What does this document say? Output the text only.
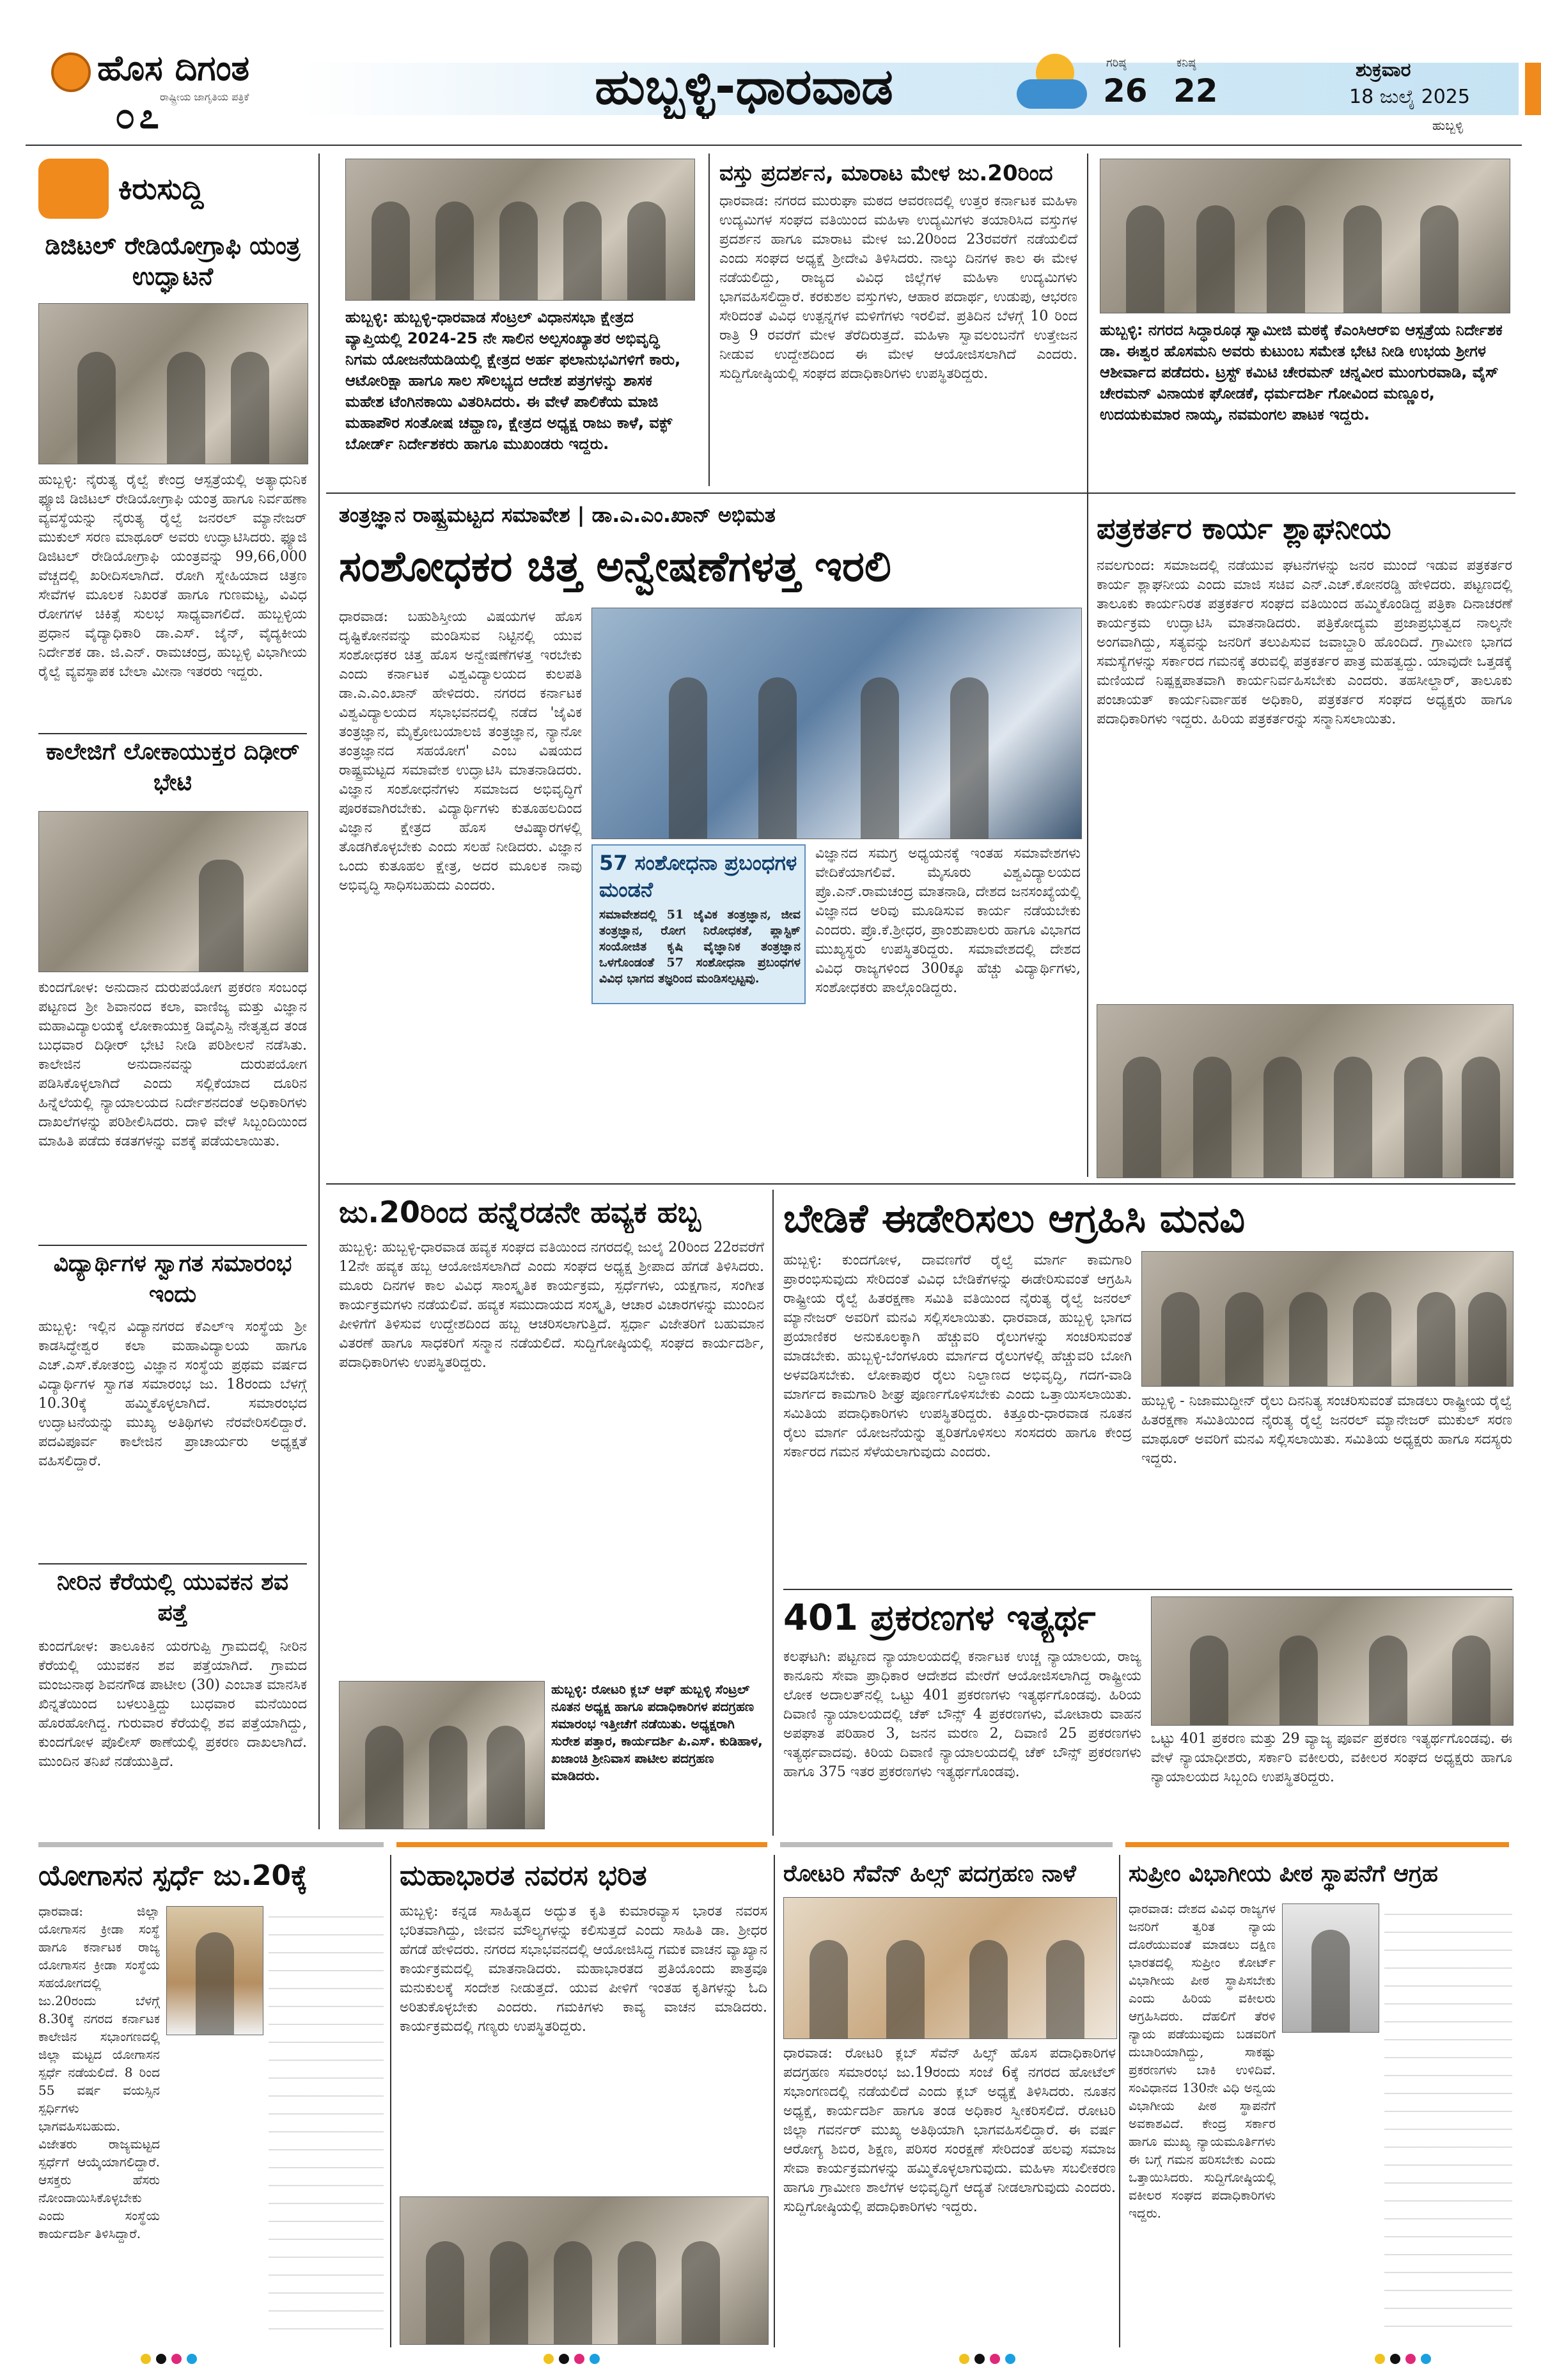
ಹೊಸ ದಿಗಂತ
ರಾಷ್ಟ್ರೀಯ ಜಾಗೃತಿಯ ಪತ್ರಿಕೆ
೦೭
ಹುಬ್ಬಳ್ಳಿ-ಧಾರವಾಡ	ಗರಿಷ್ಠ
26
ಕನಿಷ್ಠ
22
ಶುಕ್ರವಾರ
18 ಜುಲೈ 2025
ಹುಬ್ಬಳ್ಳಿ
ಕಿರುಸುದ್ದಿ
ಡಿಜಿಟಲ್ ರೇಡಿಯೋಗ್ರಾಫಿ ಯಂತ್ರ ಉದ್ಘಾಟನೆ
ಹುಬ್ಬಳ್ಳಿ: ನೈರುತ್ಯ ರೈಲ್ವೆ ಕೇಂದ್ರ ಆಸ್ಪತ್ರೆಯಲ್ಲಿ ಅತ್ಯಾಧುನಿಕ ಫ್ಯೂಜಿ ಡಿಜಿಟಲ್ ರೇಡಿಯೋಗ್ರಾಫಿ ಯಂತ್ರ ಹಾಗೂ ನಿರ್ವಹಣಾ ವ್ಯವಸ್ಥೆಯನ್ನು ನೈರುತ್ಯ ರೈಲ್ವೆ ಜನರಲ್ ಮ್ಯಾನೇಜರ್ ಮುಕುಲ್ ಸರಣ ಮಾಥೂರ್ ಅವರು ಉದ್ಘಾಟಿಸಿದರು. ಫ್ಯೂಜಿ ಡಿಜಿಟಲ್ ರೇಡಿಯೋಗ್ರಾಫಿ ಯಂತ್ರವನ್ನು 99,66,000 ವೆಚ್ಚದಲ್ಲಿ ಖರೀದಿಸಲಾಗಿದೆ. ರೋಗಿ ಸ್ನೇಹಿಯಾದ ಚಿತ್ರಣ ಸೇವೆಗಳ ಮೂಲಕ ನಿಖರತೆ ಹಾಗೂ ಗುಣಮಟ್ಟ, ವಿವಿಧ ರೋಗಗಳ ಚಿಕಿತ್ಸೆ ಸುಲಭ ಸಾಧ್ಯವಾಗಲಿದೆ. ಹುಬ್ಬಳ್ಳಿಯ ಪ್ರಧಾನ ವೈದ್ಯಾಧಿಕಾರಿ ಡಾ.ಎಸ್. ಜೈನ್, ವೈದ್ಯಕೀಯ ನಿರ್ದೇಶಕ ಡಾ. ಜಿ.ಎನ್. ರಾಮಚಂದ್ರ, ಹುಬ್ಬಳ್ಳಿ ವಿಭಾಗೀಯ ರೈಲ್ವೆ ವ್ಯವಸ್ಥಾಪಕ ಬೇಲಾ ಮೀನಾ ಇತರರು ಇದ್ದರು.
ಕಾಲೇಜಿಗೆ ಲೋಕಾಯುಕ್ತರ ದಿಢೀರ್ ಭೇಟಿ
ಕುಂದಗೋಳ: ಅನುದಾನ ದುರುಪಯೋಗ ಪ್ರಕರಣ ಸಂಬಂಧ ಪಟ್ಟಣದ ಶ್ರೀ ಶಿವಾನಂದ ಕಲಾ, ವಾಣಿಜ್ಯ ಮತ್ತು ವಿಜ್ಞಾನ ಮಹಾವಿದ್ಯಾಲಯಕ್ಕೆ ಲೋಕಾಯುಕ್ತ ಡಿವೈಎಸ್ಪಿ ನೇತೃತ್ವದ ತಂಡ ಬುಧವಾರ ದಿಢೀರ್ ಭೇಟಿ ನೀಡಿ ಪರಿಶೀಲನೆ ನಡೆಸಿತು. ಕಾಲೇಜಿನ ಅನುದಾನವನ್ನು ದುರುಪಯೋಗ ಪಡಿಸಿಕೊಳ್ಳಲಾಗಿದೆ ಎಂದು ಸಲ್ಲಿಕೆಯಾದ ದೂರಿನ ಹಿನ್ನೆಲೆಯಲ್ಲಿ ನ್ಯಾಯಾಲಯದ ನಿರ್ದೇಶನದಂತೆ ಅಧಿಕಾರಿಗಳು ದಾಖಲೆಗಳನ್ನು ಪರಿಶೀಲಿಸಿದರು. ದಾಳಿ ವೇಳೆ ಸಿಬ್ಬಂದಿಯಿಂದ ಮಾಹಿತಿ ಪಡೆದು ಕಡತಗಳನ್ನು ವಶಕ್ಕೆ ಪಡೆಯಲಾಯಿತು.
ವಿದ್ಯಾರ್ಥಿಗಳ ಸ್ವಾಗತ ಸಮಾರಂಭ ಇಂದು
ಹುಬ್ಬಳ್ಳಿ: ಇಲ್ಲಿನ ವಿದ್ಯಾನಗರದ ಕೆಎಲ್‌ಇ ಸಂಸ್ಥೆಯ ಶ್ರೀ ಕಾಡಸಿದ್ಧೇಶ್ವರ ಕಲಾ ಮಹಾವಿದ್ಯಾಲಯ ಹಾಗೂ ಎಚ್.ಎಸ್.ಕೋತಂಬ್ರಿ ವಿಜ್ಞಾನ ಸಂಸ್ಥೆಯ ಪ್ರಥಮ ವರ್ಷದ ವಿದ್ಯಾರ್ಥಿಗಳ ಸ್ವಾಗತ ಸಮಾರಂಭ ಜು. 18ರಂದು ಬೆಳಗ್ಗೆ 10.30ಕ್ಕೆ ಹಮ್ಮಿಕೊಳ್ಳಲಾಗಿದೆ. ಸಮಾರಂಭದ ಉದ್ಘಾಟನೆಯನ್ನು ಮುಖ್ಯ ಅತಿಥಿಗಳು ನೆರವೇರಿಸಲಿದ್ದಾರೆ. ಪದವಿಪೂರ್ವ ಕಾಲೇಜಿನ ಪ್ರಾಚಾರ್ಯರು ಅಧ್ಯಕ್ಷತೆ ವಹಿಸಲಿದ್ದಾರೆ.
ನೀರಿನ ಕೆರೆಯಲ್ಲಿ ಯುವಕನ ಶವ ಪತ್ತೆ
ಕುಂದಗೋಳ: ತಾಲೂಕಿನ ಯರಗುಪ್ಪಿ ಗ್ರಾಮದಲ್ಲಿ ನೀರಿನ ಕೆರೆಯಲ್ಲಿ ಯುವಕನ ಶವ ಪತ್ತೆಯಾಗಿದೆ. ಗ್ರಾಮದ ಮಂಜುನಾಥ ಶಿವನಗೌಡ ಪಾಟೀಲ (30) ಎಂಬಾತ ಮಾನಸಿಕ ಖಿನ್ನತೆಯಿಂದ ಬಳಲುತ್ತಿದ್ದು ಬುಧವಾರ ಮನೆಯಿಂದ ಹೊರಹೋಗಿದ್ದ. ಗುರುವಾರ ಕೆರೆಯಲ್ಲಿ ಶವ ಪತ್ತೆಯಾಗಿದ್ದು, ಕುಂದಗೋಳ ಪೊಲೀಸ್ ಠಾಣೆಯಲ್ಲಿ ಪ್ರಕರಣ ದಾಖಲಾಗಿದೆ. ಮುಂದಿನ ತನಿಖೆ ನಡೆಯುತ್ತಿದೆ.
ಹುಬ್ಬಳ್ಳಿ: ಹುಬ್ಬಳ್ಳಿ-ಧಾರವಾಡ ಸೆಂಟ್ರಲ್ ವಿಧಾನಸಭಾ ಕ್ಷೇತ್ರದ ವ್ಯಾಪ್ತಿಯಲ್ಲಿ 2024-25 ನೇ ಸಾಲಿನ ಅಲ್ಪಸಂಖ್ಯಾತರ ಅಭಿವೃದ್ಧಿ ನಿಗಮ ಯೋಜನೆಯಡಿಯಲ್ಲಿ ಕ್ಷೇತ್ರದ ಅರ್ಹ ಫಲಾನುಭವಿಗಳಿಗೆ ಕಾರು, ಆಟೋರಿಕ್ಷಾ ಹಾಗೂ ಸಾಲ ಸೌಲಭ್ಯದ ಆದೇಶ ಪತ್ರಗಳನ್ನು ಶಾಸಕ ಮಹೇಶ ಟೆಂಗಿನಕಾಯಿ ವಿತರಿಸಿದರು. ಈ ವೇಳೆ ಪಾಲಿಕೆಯ ಮಾಜಿ ಮಹಾಪೌರ ಸಂತೋಷ ಚವ್ಹಾಣ, ಕ್ಷೇತ್ರದ ಅಧ್ಯಕ್ಷ ರಾಜು ಕಾಳೆ, ವಕ್ಫ್ ಬೋರ್ಡ್ ನಿರ್ದೇಶಕರು ಹಾಗೂ ಮುಖಂಡರು ಇದ್ದರು.
ವಸ್ತು ಪ್ರದರ್ಶನ, ಮಾರಾಟ ಮೇಳ ಜು.20ರಿಂದ
ಧಾರವಾಡ: ನಗರದ ಮುರುಘಾ ಮಠದ ಆವರಣದಲ್ಲಿ ಉತ್ತರ ಕರ್ನಾಟಕ ಮಹಿಳಾ ಉದ್ಯಮಿಗಳ ಸಂಘದ ವತಿಯಿಂದ ಮಹಿಳಾ ಉದ್ಯಮಿಗಳು ತಯಾರಿಸಿದ ವಸ್ತುಗಳ ಪ್ರದರ್ಶನ ಹಾಗೂ ಮಾರಾಟ ಮೇಳ ಜು.20ರಿಂದ 23ರವರೆಗೆ ನಡೆಯಲಿದೆ ಎಂದು ಸಂಘದ ಅಧ್ಯಕ್ಷೆ ಶ್ರೀದೇವಿ ತಿಳಿಸಿದರು. ನಾಲ್ಕು ದಿನಗಳ ಕಾಲ ಈ ಮೇಳ ನಡೆಯಲಿದ್ದು, ರಾಜ್ಯದ ವಿವಿಧ ಜಿಲ್ಲೆಗಳ ಮಹಿಳಾ ಉದ್ಯಮಿಗಳು ಭಾಗವಹಿಸಲಿದ್ದಾರೆ. ಕರಕುಶಲ ವಸ್ತುಗಳು, ಆಹಾರ ಪದಾರ್ಥ, ಉಡುಪು, ಆಭರಣ ಸೇರಿದಂತೆ ವಿವಿಧ ಉತ್ಪನ್ನಗಳ ಮಳಿಗೆಗಳು ಇರಲಿವೆ. ಪ್ರತಿದಿನ ಬೆಳಗ್ಗೆ 10 ರಿಂದ ರಾತ್ರಿ 9 ರವರೆಗೆ ಮೇಳ ತೆರೆದಿರುತ್ತದೆ. ಮಹಿಳಾ ಸ್ವಾವಲಂಬನೆಗೆ ಉತ್ತೇಜನ ನೀಡುವ ಉದ್ದೇಶದಿಂದ ಈ ಮೇಳ ಆಯೋಜಿಸಲಾಗಿದೆ ಎಂದರು. ಸುದ್ದಿಗೋಷ್ಠಿಯಲ್ಲಿ ಸಂಘದ ಪದಾಧಿಕಾರಿಗಳು ಉಪಸ್ಥಿತರಿದ್ದರು.
ಹುಬ್ಬಳ್ಳಿ: ನಗರದ ಸಿದ್ಧಾರೂಢ ಸ್ವಾಮೀಜಿ ಮಠಕ್ಕೆ ಕೆಎಂಸಿಆರ್‌ಐ ಆಸ್ಪತ್ರೆಯ ನಿರ್ದೇಶಕ ಡಾ. ಈಶ್ವರ ಹೊಸಮನಿ ಅವರು ಕುಟುಂಬ ಸಮೇತ ಭೇಟಿ ನೀಡಿ ಉಭಯ ಶ್ರೀಗಳ ಆಶೀರ್ವಾದ ಪಡೆದರು. ಟ್ರಸ್ಟ್ ಕಮಿಟಿ ಚೇರಮನ್ ಚನ್ನವೀರ ಮುಂಗುರವಾಡಿ, ವೈಸ್ ಚೇರಮನ್ ವಿನಾಯಕ ಘೋಡಕೆ, ಧರ್ಮದರ್ಶಿ ಗೋವಿಂದ ಮಣ್ಣೂರ, ಉದಯಕುಮಾರ ನಾಯ್ಕ, ನವಮಂಗಲ ಪಾಟಕ ಇದ್ದರು.
ತಂತ್ರಜ್ಞಾನ ರಾಷ್ಟ್ರಮಟ್ಟದ ಸಮಾವೇಶ | ಡಾ.ಎ.ಎಂ.ಖಾನ್ ಅಭಿಮತ
ಸಂಶೋಧಕರ ಚಿತ್ತ ಅನ್ವೇಷಣೆಗಳತ್ತ ಇರಲಿ
ಧಾರವಾಡ: ಬಹುಶಿಸ್ತೀಯ ವಿಷಯಗಳ ಹೊಸ ದೃಷ್ಟಿಕೋನವನ್ನು ಮಂಡಿಸುವ ನಿಟ್ಟಿನಲ್ಲಿ ಯುವ ಸಂಶೋಧಕರ ಚಿತ್ತ ಹೊಸ ಅನ್ವೇಷಣೆಗಳತ್ತ ಇರಬೇಕು ಎಂದು ಕರ್ನಾಟಕ ವಿಶ್ವವಿದ್ಯಾಲಯದ ಕುಲಪತಿ ಡಾ.ಎ.ಎಂ.ಖಾನ್ ಹೇಳಿದರು. ನಗರದ ಕರ್ನಾಟಕ ವಿಶ್ವವಿದ್ಯಾಲಯದ ಸಭಾಭವನದಲ್ಲಿ ನಡೆದ 'ಜೈವಿಕ ತಂತ್ರಜ್ಞಾನ, ಮೈಕ್ರೋಬಯಾಲಜಿ ತಂತ್ರಜ್ಞಾನ, ನ್ಯಾನೋ ತಂತ್ರಜ್ಞಾನದ ಸಹಯೋಗ' ಎಂಬ ವಿಷಯದ ರಾಷ್ಟ್ರಮಟ್ಟದ ಸಮಾವೇಶ ಉದ್ಘಾಟಿಸಿ ಮಾತನಾಡಿದರು. ವಿಜ್ಞಾನ ಸಂಶೋಧನೆಗಳು ಸಮಾಜದ ಅಭಿವೃದ್ಧಿಗೆ ಪೂರಕವಾಗಿರಬೇಕು. ವಿದ್ಯಾರ್ಥಿಗಳು ಕುತೂಹಲದಿಂದ ವಿಜ್ಞಾನ ಕ್ಷೇತ್ರದ ಹೊಸ ಆವಿಷ್ಕಾರಗಳಲ್ಲಿ ತೊಡಗಿಕೊಳ್ಳಬೇಕು ಎಂದು ಸಲಹೆ ನೀಡಿದರು. ವಿಜ್ಞಾನ ಒಂದು ಕುತೂಹಲ ಕ್ಷೇತ್ರ, ಅದರ ಮೂಲಕ ನಾವು ಅಭಿವೃದ್ಧಿ ಸಾಧಿಸಬಹುದು ಎಂದರು.
57 ಸಂಶೋಧನಾ ಪ್ರಬಂಧಗಳ ಮಂಡನೆ
ಸಮಾವೇಶದಲ್ಲಿ 51 ಜೈವಿಕ ತಂತ್ರಜ್ಞಾನ, ಜೀವ ತಂತ್ರಜ್ಞಾನ, ರೋಗ ನಿರೋಧಕತೆ, ಪ್ಲಾಸ್ಟಿಕ್ ಸಂಯೋಜಿತ ಕೃಷಿ ವೈಜ್ಞಾನಿಕ ತಂತ್ರಜ್ಞಾನ ಒಳಗೊಂಡಂತೆ 57 ಸಂಶೋಧನಾ ಪ್ರಬಂಧಗಳ ವಿವಿಧ ಭಾಗದ ತಜ್ಞರಿಂದ ಮಂಡಿಸಲ್ಪಟ್ಟವು.
ವಿಜ್ಞಾನದ ಸಮಗ್ರ ಅಧ್ಯಯನಕ್ಕೆ ಇಂತಹ ಸಮಾವೇಶಗಳು ವೇದಿಕೆಯಾಗಲಿವೆ. ಮೈಸೂರು ವಿಶ್ವವಿದ್ಯಾಲಯದ ಪ್ರೊ.ಎನ್.ರಾಮಚಂದ್ರ ಮಾತನಾಡಿ, ದೇಶದ ಜನಸಂಖ್ಯೆಯಲ್ಲಿ ವಿಜ್ಞಾನದ ಅರಿವು ಮೂಡಿಸುವ ಕಾರ್ಯ ನಡೆಯಬೇಕು ಎಂದರು. ಪ್ರೊ.ಕೆ.ಶ್ರೀಧರ, ಪ್ರಾಂಶುಪಾಲರು ಹಾಗೂ ವಿಭಾಗದ ಮುಖ್ಯಸ್ಥರು ಉಪಸ್ಥಿತರಿದ್ದರು. ಸಮಾವೇಶದಲ್ಲಿ ದೇಶದ ವಿವಿಧ ರಾಜ್ಯಗಳಿಂದ 300ಕ್ಕೂ ಹೆಚ್ಚು ವಿದ್ಯಾರ್ಥಿಗಳು, ಸಂಶೋಧಕರು ಪಾಲ್ಗೊಂಡಿದ್ದರು.
ಪತ್ರಕರ್ತರ ಕಾರ್ಯ ಶ್ಲಾಘನೀಯ
ನವಲಗುಂದ: ಸಮಾಜದಲ್ಲಿ ನಡೆಯುವ ಘಟನೆಗಳನ್ನು ಜನರ ಮುಂದೆ ಇಡುವ ಪತ್ರಕರ್ತರ ಕಾರ್ಯ ಶ್ಲಾಘನೀಯ ಎಂದು ಮಾಜಿ ಸಚಿವ ಎನ್.ಎಚ್.ಕೋನರಡ್ಡಿ ಹೇಳಿದರು. ಪಟ್ಟಣದಲ್ಲಿ ತಾಲೂಕು ಕಾರ್ಯನಿರತ ಪತ್ರಕರ್ತರ ಸಂಘದ ವತಿಯಿಂದ ಹಮ್ಮಿಕೊಂಡಿದ್ದ ಪತ್ರಿಕಾ ದಿನಾಚರಣೆ ಕಾರ್ಯಕ್ರಮ ಉದ್ಘಾಟಿಸಿ ಮಾತನಾಡಿದರು. ಪತ್ರಿಕೋದ್ಯಮ ಪ್ರಜಾಪ್ರಭುತ್ವದ ನಾಲ್ಕನೇ ಅಂಗವಾಗಿದ್ದು, ಸತ್ಯವನ್ನು ಜನರಿಗೆ ತಲುಪಿಸುವ ಜವಾಬ್ದಾರಿ ಹೊಂದಿದೆ. ಗ್ರಾಮೀಣ ಭಾಗದ ಸಮಸ್ಯೆಗಳನ್ನು ಸರ್ಕಾರದ ಗಮನಕ್ಕೆ ತರುವಲ್ಲಿ ಪತ್ರಕರ್ತರ ಪಾತ್ರ ಮಹತ್ವದ್ದು. ಯಾವುದೇ ಒತ್ತಡಕ್ಕೆ ಮಣಿಯದೆ ನಿಷ್ಪಕ್ಷಪಾತವಾಗಿ ಕಾರ್ಯನಿರ್ವಹಿಸಬೇಕು ಎಂದರು. ತಹಸೀಲ್ದಾರ್, ತಾಲೂಕು ಪಂಚಾಯತ್ ಕಾರ್ಯನಿರ್ವಾಹಕ ಅಧಿಕಾರಿ, ಪತ್ರಕರ್ತರ ಸಂಘದ ಅಧ್ಯಕ್ಷರು ಹಾಗೂ ಪದಾಧಿಕಾರಿಗಳು ಇದ್ದರು. ಹಿರಿಯ ಪತ್ರಕರ್ತರನ್ನು ಸನ್ಮಾನಿಸಲಾಯಿತು.
ಜು.20ರಿಂದ ಹನ್ನೆರಡನೇ ಹವ್ಯಕ ಹಬ್ಬ
ಹುಬ್ಬಳ್ಳಿ: ಹುಬ್ಬಳ್ಳಿ-ಧಾರವಾಡ ಹವ್ಯಕ ಸಂಘದ ವತಿಯಿಂದ ನಗರದಲ್ಲಿ ಜುಲೈ 20ರಿಂದ 22ರವರೆಗೆ 12ನೇ ಹವ್ಯಕ ಹಬ್ಬ ಆಯೋಜಿಸಲಾಗಿದೆ ಎಂದು ಸಂಘದ ಅಧ್ಯಕ್ಷ ಶ್ರೀಪಾದ ಹೆಗಡೆ ತಿಳಿಸಿದರು. ಮೂರು ದಿನಗಳ ಕಾಲ ವಿವಿಧ ಸಾಂಸ್ಕೃತಿಕ ಕಾರ್ಯಕ್ರಮ, ಸ್ಪರ್ಧೆಗಳು, ಯಕ್ಷಗಾನ, ಸಂಗೀತ ಕಾರ್ಯಕ್ರಮಗಳು ನಡೆಯಲಿವೆ. ಹವ್ಯಕ ಸಮುದಾಯದ ಸಂಸ್ಕೃತಿ, ಆಚಾರ ವಿಚಾರಗಳನ್ನು ಮುಂದಿನ ಪೀಳಿಗೆಗೆ ತಿಳಿಸುವ ಉದ್ದೇಶದಿಂದ ಹಬ್ಬ ಆಚರಿಸಲಾಗುತ್ತಿದೆ. ಸ್ಪರ್ಧಾ ವಿಜೇತರಿಗೆ ಬಹುಮಾನ ವಿತರಣೆ ಹಾಗೂ ಸಾಧಕರಿಗೆ ಸನ್ಮಾನ ನಡೆಯಲಿದೆ. ಸುದ್ದಿಗೋಷ್ಠಿಯಲ್ಲಿ ಸಂಘದ ಕಾರ್ಯದರ್ಶಿ, ಪದಾಧಿಕಾರಿಗಳು ಉಪಸ್ಥಿತರಿದ್ದರು.
ಹುಬ್ಬಳ್ಳಿ: ರೋಟರಿ ಕ್ಲಬ್ ಆಫ್ ಹುಬ್ಬಳ್ಳಿ ಸೆಂಟ್ರಲ್ ನೂತನ ಅಧ್ಯಕ್ಷ ಹಾಗೂ ಪದಾಧಿಕಾರಿಗಳ ಪದಗ್ರಹಣ ಸಮಾರಂಭ ಇತ್ತೀಚೆಗೆ ನಡೆಯಿತು. ಅಧ್ಯಕ್ಷರಾಗಿ ಸುರೇಶ ಪತ್ತಾರ, ಕಾರ್ಯದರ್ಶಿ ಪಿ.ಎಸ್. ಕುಡಿಹಾಳ, ಖಜಾಂಚಿ ಶ್ರೀನಿವಾಸ ಪಾಟೀಲ ಪದಗ್ರಹಣ ಮಾಡಿದರು.
ಬೇಡಿಕೆ ಈಡೇರಿಸಲು ಆಗ್ರಹಿಸಿ ಮನವಿ
ಹುಬ್ಬಳ್ಳಿ: ಕುಂದಗೋಳ, ದಾವಣಗೆರೆ ರೈಲ್ವೆ ಮಾರ್ಗ ಕಾಮಗಾರಿ ಪ್ರಾರಂಭಿಸುವುದು ಸೇರಿದಂತೆ ವಿವಿಧ ಬೇಡಿಕೆಗಳನ್ನು ಈಡೇರಿಸುವಂತೆ ಆಗ್ರಹಿಸಿ ರಾಷ್ಟ್ರೀಯ ರೈಲ್ವೆ ಹಿತರಕ್ಷಣಾ ಸಮಿತಿ ವತಿಯಿಂದ ನೈರುತ್ಯ ರೈಲ್ವೆ ಜನರಲ್ ಮ್ಯಾನೇಜರ್ ಅವರಿಗೆ ಮನವಿ ಸಲ್ಲಿಸಲಾಯಿತು. ಧಾರವಾಡ, ಹುಬ್ಬಳ್ಳಿ ಭಾಗದ ಪ್ರಯಾಣಿಕರ ಅನುಕೂಲಕ್ಕಾಗಿ ಹೆಚ್ಚುವರಿ ರೈಲುಗಳನ್ನು ಸಂಚರಿಸುವಂತೆ ಮಾಡಬೇಕು. ಹುಬ್ಬಳ್ಳಿ-ಬೆಂಗಳೂರು ಮಾರ್ಗದ ರೈಲುಗಳಲ್ಲಿ ಹೆಚ್ಚುವರಿ ಬೋಗಿ ಅಳವಡಿಸಬೇಕು. ಲೋಕಾಪುರ ರೈಲು ನಿಲ್ದಾಣದ ಅಭಿವೃದ್ಧಿ, ಗದಗ-ವಾಡಿ ಮಾರ್ಗದ ಕಾಮಗಾರಿ ಶೀಘ್ರ ಪೂರ್ಣಗೊಳಿಸಬೇಕು ಎಂದು ಒತ್ತಾಯಿಸಲಾಯಿತು. ಸಮಿತಿಯ ಪದಾಧಿಕಾರಿಗಳು ಉಪಸ್ಥಿತರಿದ್ದರು. ಕಿತ್ತೂರು-ಧಾರವಾಡ ನೂತನ ರೈಲು ಮಾರ್ಗ ಯೋಜನೆಯನ್ನು ತ್ವರಿತಗೊಳಿಸಲು ಸಂಸದರು ಹಾಗೂ ಕೇಂದ್ರ ಸರ್ಕಾರದ ಗಮನ ಸೆಳೆಯಲಾಗುವುದು ಎಂದರು.
ಹುಬ್ಬಳ್ಳಿ - ನಿಜಾಮುದ್ದೀನ್ ರೈಲು ದಿನನಿತ್ಯ ಸಂಚರಿಸುವಂತೆ ಮಾಡಲು ರಾಷ್ಟ್ರೀಯ ರೈಲ್ವೆ ಹಿತರಕ್ಷಣಾ ಸಮಿತಿಯಿಂದ ನೈರುತ್ಯ ರೈಲ್ವೆ ಜನರಲ್ ಮ್ಯಾನೇಜರ್ ಮುಕುಲ್ ಸರಣ ಮಾಥೂರ್ ಅವರಿಗೆ ಮನವಿ ಸಲ್ಲಿಸಲಾಯಿತು. ಸಮಿತಿಯ ಅಧ್ಯಕ್ಷರು ಹಾಗೂ ಸದಸ್ಯರು ಇದ್ದರು.
401 ಪ್ರಕರಣಗಳ ಇತ್ಯರ್ಥ
ಕಲಘಟಗಿ: ಪಟ್ಟಣದ ನ್ಯಾಯಾಲಯದಲ್ಲಿ ಕರ್ನಾಟಕ ಉಚ್ಚ ನ್ಯಾಯಾಲಯ, ರಾಜ್ಯ ಕಾನೂನು ಸೇವಾ ಪ್ರಾಧಿಕಾರ ಆದೇಶದ ಮೇರೆಗೆ ಆಯೋಜಿಸಲಾಗಿದ್ದ ರಾಷ್ಟ್ರೀಯ ಲೋಕ ಅದಾಲತ್‌ನಲ್ಲಿ ಒಟ್ಟು 401 ಪ್ರಕರಣಗಳು ಇತ್ಯರ್ಥಗೊಂಡವು. ಹಿರಿಯ ದಿವಾಣಿ ನ್ಯಾಯಾಲಯದಲ್ಲಿ ಚೆಕ್ ಬೌನ್ಸ್ 4 ಪ್ರಕರಣಗಳು, ಮೋಟಾರು ವಾಹನ ಅಪಘಾತ ಪರಿಹಾರ 3, ಜನನ ಮರಣ 2, ದಿವಾಣಿ 25 ಪ್ರಕರಣಗಳು ಇತ್ಯರ್ಥವಾದವು. ಕಿರಿಯ ದಿವಾಣಿ ನ್ಯಾಯಾಲಯದಲ್ಲಿ ಚೆಕ್ ಬೌನ್ಸ್ ಪ್ರಕರಣಗಳು ಹಾಗೂ 375 ಇತರ ಪ್ರಕರಣಗಳು ಇತ್ಯರ್ಥಗೊಂಡವು.
ಒಟ್ಟು 401 ಪ್ರಕರಣ ಮತ್ತು 29 ವ್ಯಾಜ್ಯ ಪೂರ್ವ ಪ್ರಕರಣ ಇತ್ಯರ್ಥಗೊಂಡವು. ಈ ವೇಳೆ ನ್ಯಾಯಾಧೀಶರು, ಸರ್ಕಾರಿ ವಕೀಲರು, ವಕೀಲರ ಸಂಘದ ಅಧ್ಯಕ್ಷರು ಹಾಗೂ ನ್ಯಾಯಾಲಯದ ಸಿಬ್ಬಂದಿ ಉಪಸ್ಥಿತರಿದ್ದರು.
ಯೋಗಾಸನ ಸ್ಪರ್ಧೆ ಜು.20ಕ್ಕೆ
ಧಾರವಾಡ: ಜಿಲ್ಲಾ ಯೋಗಾಸನ ಕ್ರೀಡಾ ಸಂಸ್ಥೆ ಹಾಗೂ ಕರ್ನಾಟಕ ರಾಜ್ಯ ಯೋಗಾಸನ ಕ್ರೀಡಾ ಸಂಸ್ಥೆಯ ಸಹಯೋಗದಲ್ಲಿ ಜು.20ರಂದು ಬೆಳಗ್ಗೆ 8.30ಕ್ಕೆ ನಗರದ ಕರ್ನಾಟಕ ಕಾಲೇಜಿನ ಸಭಾಂಗಣದಲ್ಲಿ ಜಿಲ್ಲಾ ಮಟ್ಟದ ಯೋಗಾಸನ ಸ್ಪರ್ಧೆ ನಡೆಯಲಿದೆ. 8 ರಿಂದ 55 ವರ್ಷ ವಯಸ್ಸಿನ ಸ್ಪರ್ಧಿಗಳು ಭಾಗವಹಿಸಬಹುದು. ವಿಜೇತರು ರಾಜ್ಯಮಟ್ಟದ ಸ್ಪರ್ಧೆಗೆ ಆಯ್ಕೆಯಾಗಲಿದ್ದಾರೆ. ಆಸಕ್ತರು ಹೆಸರು ನೋಂದಾಯಿಸಿಕೊಳ್ಳಬೇಕು ಎಂದು ಸಂಸ್ಥೆಯ ಕಾರ್ಯದರ್ಶಿ ತಿಳಿಸಿದ್ದಾರೆ.
ಮಹಾಭಾರತ ನವರಸ ಭರಿತ
ಹುಬ್ಬಳ್ಳಿ: ಕನ್ನಡ ಸಾಹಿತ್ಯದ ಅದ್ಭುತ ಕೃತಿ ಕುಮಾರವ್ಯಾಸ ಭಾರತ ನವರಸ ಭರಿತವಾಗಿದ್ದು, ಜೀವನ ಮೌಲ್ಯಗಳನ್ನು ಕಲಿಸುತ್ತದೆ ಎಂದು ಸಾಹಿತಿ ಡಾ. ಶ್ರೀಧರ ಹೆಗಡೆ ಹೇಳಿದರು. ನಗರದ ಸಭಾಭವನದಲ್ಲಿ ಆಯೋಜಿಸಿದ್ದ ಗಮಕ ವಾಚನ ವ್ಯಾಖ್ಯಾನ ಕಾರ್ಯಕ್ರಮದಲ್ಲಿ ಮಾತನಾಡಿದರು. ಮಹಾಭಾರತದ ಪ್ರತಿಯೊಂದು ಪಾತ್ರವೂ ಮನುಕುಲಕ್ಕೆ ಸಂದೇಶ ನೀಡುತ್ತದೆ. ಯುವ ಪೀಳಿಗೆ ಇಂತಹ ಕೃತಿಗಳನ್ನು ಓದಿ ಅರಿತುಕೊಳ್ಳಬೇಕು ಎಂದರು. ಗಮಕಿಗಳು ಕಾವ್ಯ ವಾಚನ ಮಾಡಿದರು. ಕಾರ್ಯಕ್ರಮದಲ್ಲಿ ಗಣ್ಯರು ಉಪಸ್ಥಿತರಿದ್ದರು.
ರೋಟರಿ ಸೆವೆನ್ ಹಿಲ್ಸ್ ಪದಗ್ರಹಣ ನಾಳೆ
ಧಾರವಾಡ: ರೋಟರಿ ಕ್ಲಬ್ ಸೆವೆನ್ ಹಿಲ್ಸ್ ಹೊಸ ಪದಾಧಿಕಾರಿಗಳ ಪದಗ್ರಹಣ ಸಮಾರಂಭ ಜು.19ರಂದು ಸಂಜೆ 6ಕ್ಕೆ ನಗರದ ಹೋಟೆಲ್ ಸಭಾಂಗಣದಲ್ಲಿ ನಡೆಯಲಿದೆ ಎಂದು ಕ್ಲಬ್ ಅಧ್ಯಕ್ಷೆ ತಿಳಿಸಿದರು. ನೂತನ ಅಧ್ಯಕ್ಷೆ, ಕಾರ್ಯದರ್ಶಿ ಹಾಗೂ ತಂಡ ಅಧಿಕಾರ ಸ್ವೀಕರಿಸಲಿದೆ. ರೋಟರಿ ಜಿಲ್ಲಾ ಗವರ್ನರ್ ಮುಖ್ಯ ಅತಿಥಿಯಾಗಿ ಭಾಗವಹಿಸಲಿದ್ದಾರೆ. ಈ ವರ್ಷ ಆರೋಗ್ಯ ಶಿಬಿರ, ಶಿಕ್ಷಣ, ಪರಿಸರ ಸಂರಕ್ಷಣೆ ಸೇರಿದಂತೆ ಹಲವು ಸಮಾಜ ಸೇವಾ ಕಾರ್ಯಕ್ರಮಗಳನ್ನು ಹಮ್ಮಿಕೊಳ್ಳಲಾಗುವುದು. ಮಹಿಳಾ ಸಬಲೀಕರಣ ಹಾಗೂ ಗ್ರಾಮೀಣ ಶಾಲೆಗಳ ಅಭಿವೃದ್ಧಿಗೆ ಆದ್ಯತೆ ನೀಡಲಾಗುವುದು ಎಂದರು. ಸುದ್ದಿಗೋಷ್ಠಿಯಲ್ಲಿ ಪದಾಧಿಕಾರಿಗಳು ಇದ್ದರು.
ಸುಪ್ರೀಂ ವಿಭಾಗೀಯ ಪೀಠ ಸ್ಥಾಪನೆಗೆ ಆಗ್ರಹ
ಧಾರವಾಡ: ದೇಶದ ವಿವಿಧ ರಾಜ್ಯಗಳ ಜನರಿಗೆ ತ್ವರಿತ ನ್ಯಾಯ ದೊರೆಯುವಂತೆ ಮಾಡಲು ದಕ್ಷಿಣ ಭಾರತದಲ್ಲಿ ಸುಪ್ರೀಂ ಕೋರ್ಟ್ ವಿಭಾಗೀಯ ಪೀಠ ಸ್ಥಾಪಿಸಬೇಕು ಎಂದು ಹಿರಿಯ ವಕೀಲರು ಆಗ್ರಹಿಸಿದರು. ದೆಹಲಿಗೆ ತೆರಳಿ ನ್ಯಾಯ ಪಡೆಯುವುದು ಬಡವರಿಗೆ ದುಬಾರಿಯಾಗಿದ್ದು, ಸಾಕಷ್ಟು ಪ್ರಕರಣಗಳು ಬಾಕಿ ಉಳಿದಿವೆ. ಸಂವಿಧಾನದ 130ನೇ ವಿಧಿ ಅನ್ವಯ ವಿಭಾಗೀಯ ಪೀಠ ಸ್ಥಾಪನೆಗೆ ಅವಕಾಶವಿದೆ. ಕೇಂದ್ರ ಸರ್ಕಾರ ಹಾಗೂ ಮುಖ್ಯ ನ್ಯಾಯಮೂರ್ತಿಗಳು ಈ ಬಗ್ಗೆ ಗಮನ ಹರಿಸಬೇಕು ಎಂದು ಒತ್ತಾಯಿಸಿದರು. ಸುದ್ದಿಗೋಷ್ಠಿಯಲ್ಲಿ ವಕೀಲರ ಸಂಘದ ಪದಾಧಿಕಾರಿಗಳು ಇದ್ದರು.
